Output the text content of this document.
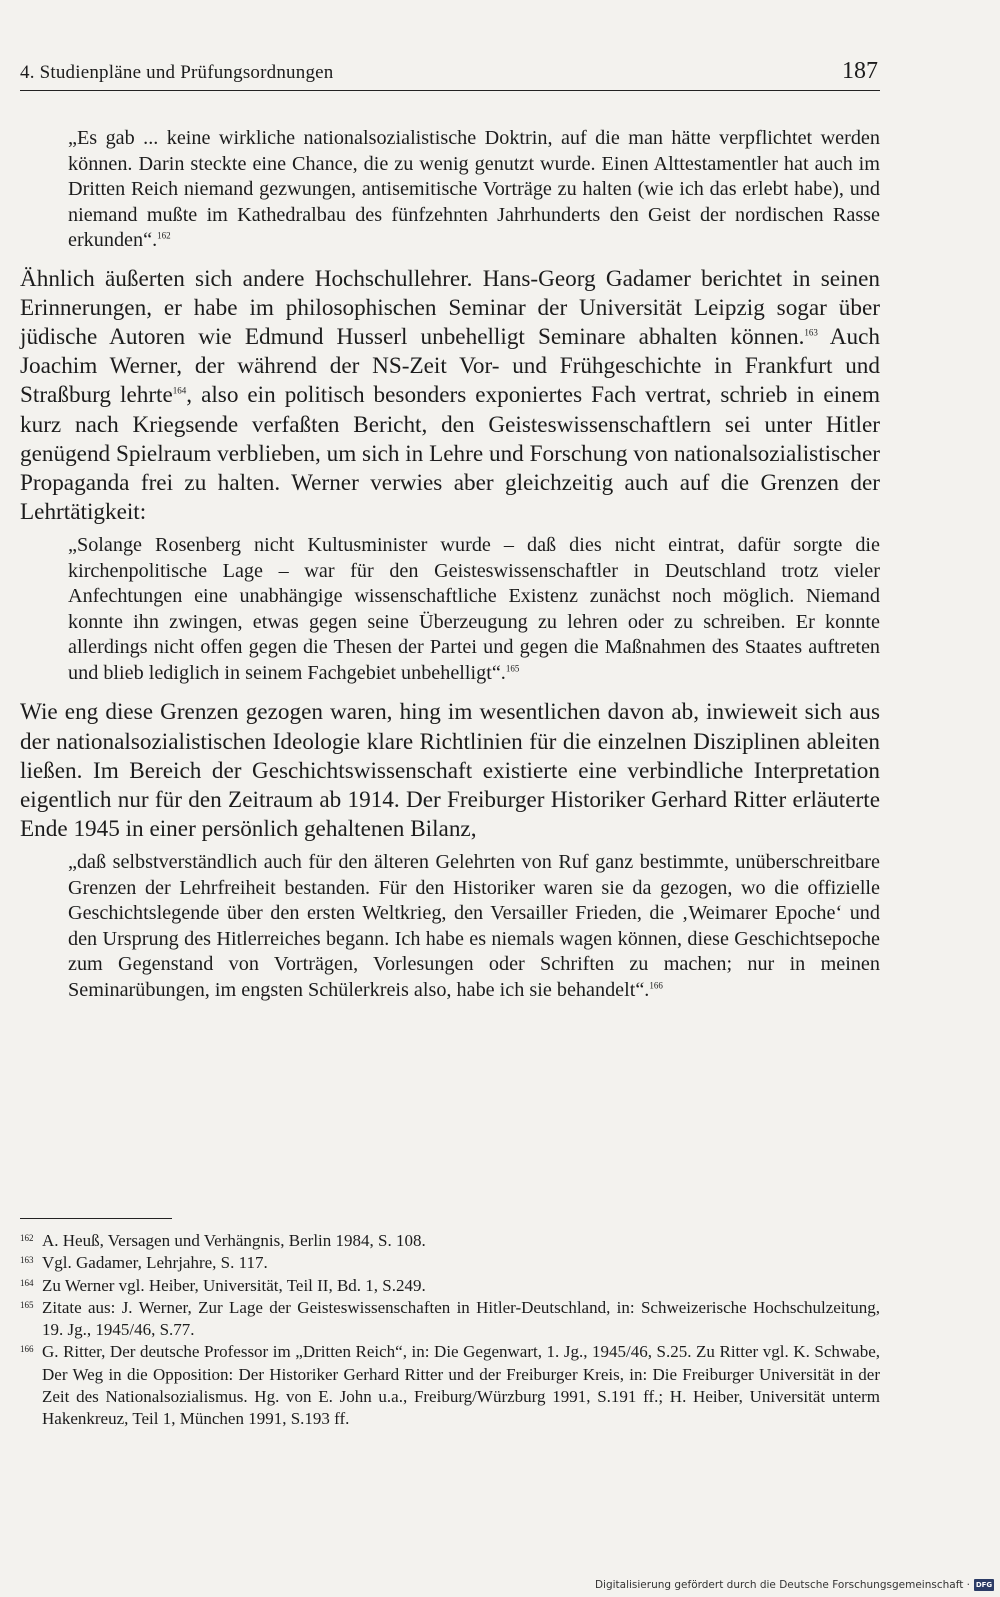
4. Studienpläne und Prüfungsordnungen	187

„Es gab ... keine wirkliche nationalsozialistische Doktrin, auf die man hätte verpflichtet werden können. Darin steckte eine Chance, die zu wenig genutzt wurde. Einen Alttestamentler hat auch im Dritten Reich niemand gezwungen, antisemitische Vorträge zu halten (wie ich das erlebt habe), und niemand mußte im Kathedralbau des fünfzehnten Jahrhunderts den Geist der nordischen Rasse erkunden“.$^{162}$

Ähnlich äußerten sich andere Hochschullehrer. Hans-Georg Gadamer berichtet in seinen Erinnerungen, er habe im philosophischen Seminar der Universität Leipzig sogar über jüdische Autoren wie Edmund Husserl unbehelligt Seminare abhalten können.$^{163}$ Auch Joachim Werner, der während der NS-Zeit Vor- und Frühgeschichte in Frankfurt und Straßburg lehrte$^{164}$, also ein politisch besonders exponiertes Fach vertrat, schrieb in einem kurz nach Kriegsende verfaßten Bericht, den Geisteswissenschaftlern sei unter Hitler genügend Spielraum verblieben, um sich in Lehre und Forschung von nationalsozialistischer Propaganda frei zu halten. Werner verwies aber gleichzeitig auch auf die Grenzen der Lehrtätigkeit:

„Solange Rosenberg nicht Kultusminister wurde – daß dies nicht eintrat, dafür sorgte die kirchenpolitische Lage – war für den Geisteswissenschaftler in Deutschland trotz vieler Anfechtungen eine unabhängige wissenschaftliche Existenz zunächst noch möglich. Niemand konnte ihn zwingen, etwas gegen seine Überzeugung zu lehren oder zu schreiben. Er konnte allerdings nicht offen gegen die Thesen der Partei und gegen die Maßnahmen des Staates auftreten und blieb lediglich in seinem Fachgebiet unbehelligt“.$^{165}$

Wie eng diese Grenzen gezogen waren, hing im wesentlichen davon ab, inwieweit sich aus der nationalsozialistischen Ideologie klare Richtlinien für die einzelnen Disziplinen ableiten ließen. Im Bereich der Geschichtswissenschaft existierte eine verbindliche Interpretation eigentlich nur für den Zeitraum ab 1914. Der Freiburger Historiker Gerhard Ritter erläuterte Ende 1945 in einer persönlich gehaltenen Bilanz,

„daß selbstverständlich auch für den älteren Gelehrten von Ruf ganz bestimmte, unüberschreitbare Grenzen der Lehrfreiheit bestanden. Für den Historiker waren sie da gezogen, wo die offizielle Geschichtslegende über den ersten Weltkrieg, den Versailler Frieden, die ‚Weimarer Epoche‘ und den Ursprung des Hitlerreiches begann. Ich habe es niemals wagen können, diese Geschichtsepoche zum Gegenstand von Vorträgen, Vorlesungen oder Schriften zu machen; nur in meinen Seminarübungen, im engsten Schülerkreis also, habe ich sie behandelt“.$^{166}$

162 A. Heuß, Versagen und Verhängnis, Berlin 1984, S. 108.
163 Vgl. Gadamer, Lehrjahre, S. 117.
164 Zu Werner vgl. Heiber, Universität, Teil II, Bd. 1, S.249.
165 Zitate aus: J. Werner, Zur Lage der Geisteswissenschaften in Hitler-Deutschland, in: Schweizerische Hochschulzeitung, 19. Jg., 1945/46, S.77.
166 G. Ritter, Der deutsche Professor im „Dritten Reich“, in: Die Gegenwart, 1. Jg., 1945/46, S.25. Zu Ritter vgl. K. Schwabe, Der Weg in die Opposition: Der Historiker Gerhard Ritter und der Freiburger Kreis, in: Die Freiburger Universität in der Zeit des Nationalsozialismus. Hg. von E. John u.a., Freiburg/Würzburg 1991, S.191 ff.; H. Heiber, Universität unterm Hakenkreuz, Teil 1, München 1991, S.193 ff.
Digitalisierung gefördert durch die Deutsche Forschungsgemeinschaft · DFG
